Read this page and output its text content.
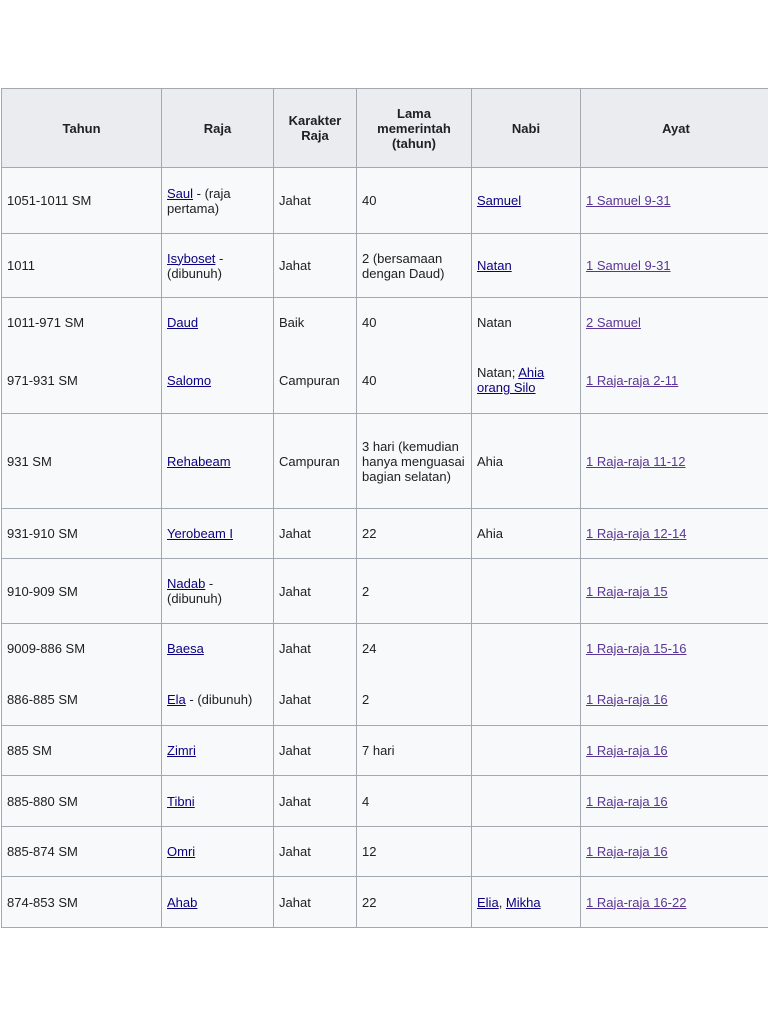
Tahun	Raja	Karakter Raja	Lama memerintah (tahun)	Nabi	Ayat
1051-1011 SM	Saul - (raja pertama)	Jahat	40	Samuel	1 Samuel 9-31
1011	Isyboset - (dibunuh)	Jahat	2 (bersamaan dengan Daud)	Natan	1 Samuel 9-31
1011-971 SM	Daud	Baik	40	Natan	2 Samuel
971-931 SM	Salomo	Campuran	40	Natan; Ahia orang Silo	1 Raja-raja 2-11
931 SM	Rehabeam	Campuran	3 hari (kemudian hanya menguasai bagian selatan)	Ahia	1 Raja-raja 11-12
931-910 SM	Yerobeam I	Jahat	22	Ahia	1 Raja-raja 12-14
910-909 SM	Nadab - (dibunuh)	Jahat	2		1 Raja-raja 15
9009-886 SM	Baesa	Jahat	24		1 Raja-raja 15-16
886-885 SM	Ela - (dibunuh)	Jahat	2		1 Raja-raja 16
885 SM	Zimri	Jahat	7 hari		1 Raja-raja 16
885-880 SM	Tibni	Jahat	4		1 Raja-raja 16
885-874 SM	Omri	Jahat	12		1 Raja-raja 16
874-853 SM	Ahab	Jahat	22	Elia, Mikha	1 Raja-raja 16-22
